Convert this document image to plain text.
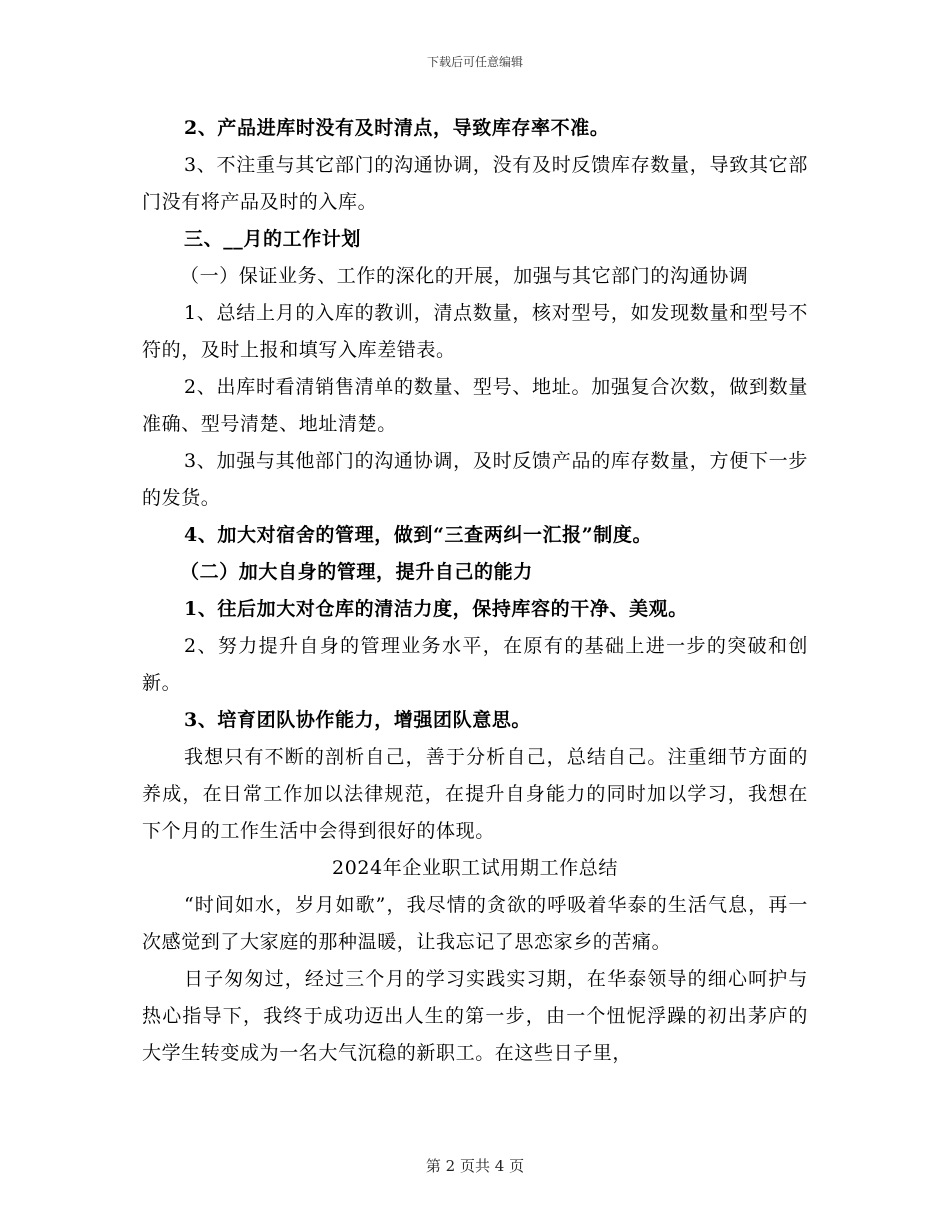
下载后可任意编辑

2、产品进库时没有及时清点，导致库存率不准。

3、不注重与其它部门的沟通协调，没有及时反馈库存数量，导致其它部门没有将产品及时的入库。

三、__月的工作计划

（一）保证业务、工作的深化的开展，加强与其它部门的沟通协调

1、总结上月的入库的教训，清点数量，核对型号，如发现数量和型号不符的，及时上报和填写入库差错表。

2、出库时看清销售清单的数量、型号、地址。加强复合次数，做到数量准确、型号清楚、地址清楚。

3、加强与其他部门的沟通协调，及时反馈产品的库存数量，方便下一步的发货。

4、加大对宿舍的管理，做到“三查两纠一汇报”制度。

（二）加大自身的管理，提升自己的能力

1、往后加大对仓库的清洁力度，保持库容的干净、美观。

2、努力提升自身的管理业务水平，在原有的基础上进一步的突破和创新。

3、培育团队协作能力，增强团队意思。

我想只有不断的剖析自己，善于分析自己，总结自己。注重细节方面的养成，在日常工作加以法律规范，在提升自身能力的同时加以学习，我想在下个月的工作生活中会得到很好的体现。

2024年企业职工试用期工作总结

“时间如水，岁月如歌”，我尽情的贪欲的呼吸着华泰的生活气息，再一次感觉到了大家庭的那种温暖，让我忘记了思恋家乡的苦痛。

日子匆匆过，经过三个月的学习实践实习期，在华泰领导的细心呵护与热心指导下，我终于成功迈出人生的第一步，由一个忸怩浮躁的初出茅庐的大学生转变成为一名大气沉稳的新职工。在这些日子里，

第 2 页共 4 页
